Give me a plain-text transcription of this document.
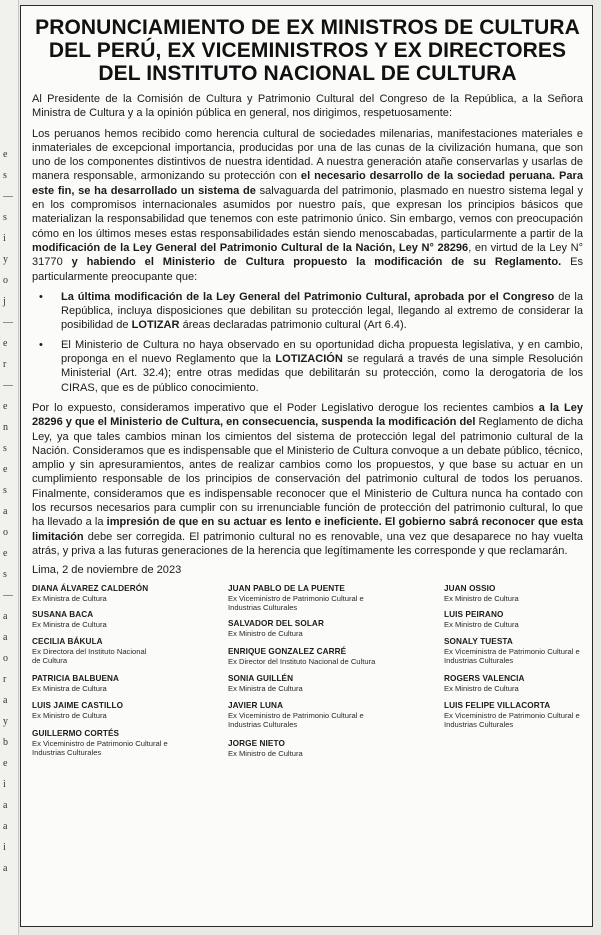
e
s
—
s
i
y
o
j
—
e
r
—
e
n
s
e
s
a
o
e
s
—
a
a
o
r
a
y
b
e
i
a
a
i
a
PRONUNCIAMIENTO DE EX MINISTROS DE CULTURA DEL PERÚ, EX VICEMINISTROS Y EX DIRECTORES DEL INSTITUTO NACIONAL DE CULTURA

Al Presidente de la Comisión de Cultura y Patrimonio Cultural del Congreso de la República, a la Señora Ministra de Cultura y a la opinión pública en general, nos dirigimos, respetuosamente:

Los peruanos hemos recibido como herencia cultural de sociedades milenarias, manifestaciones materiales e inmateriales de excepcional importancia, producidas por una de las cunas de la civilización humana, que son uno de los componentes distintivos de nuestra identidad. A nuestra generación atañe conservarlas y usarlas de manera responsable, armonizando su protección con el necesario desarrollo de la sociedad peruana. Para este fin, se ha desarrollado un sistema de salvaguarda del patrimonio, plasmado en nuestro sistema legal y en los compromisos internacionales asumidos por nuestro país, que expresan los principios básicos que materializan la responsabilidad que tenemos con este patrimonio único. Sin embargo, vemos con preocupación cómo en los últimos meses estas responsabilidades están siendo menoscabadas, particularmente a partir de la modificación de la Ley General del Patrimonio Cultural de la Nación, Ley N° 28296, en virtud de la Ley N° 31770 y habiendo el Ministerio de Cultura propuesto la modificación de su Reglamento. Es particularmente preocupante que:

• La última modificación de la Ley General del Patrimonio Cultural, aprobada por el Congreso de la República, incluya disposiciones que debilitan su protección legal, llegando al extremo de considerar la posibilidad de LOTIZAR áreas declaradas patrimonio cultural (Art 6.4).
• El Ministerio de Cultura no haya observado en su oportunidad dicha propuesta legislativa, y en cambio, proponga en el nuevo Reglamento que la LOTIZACIÓN se regulará a través de una simple Resolución Ministerial (Art. 32.4); entre otras medidas que debilitarán su protección, como la derogatoria de los CIRAS, que es de público conocimiento.

Por lo expuesto, consideramos imperativo que el Poder Legislativo derogue los recientes cambios a la Ley 28296 y que el Ministerio de Cultura, en consecuencia, suspenda la modificación del Reglamento de dicha Ley, ya que tales cambios minan los cimientos del sistema de protección legal del patrimonio cultural de la Nación. Consideramos que es indispensable que el Ministerio de Cultura convoque a un debate público, técnico, amplio y sin apresuramientos, antes de realizar cambios como los propuestos, y que base su actuar en un cumplimiento responsable de los principios de conservación del patrimonio cultural de todos los peruanos. Finalmente, consideramos que es indispensable reconocer que el Ministerio de Cultura nunca ha contado con los recursos necesarios para cumplir con su irrenunciable función de protección del patrimonio cultural, lo que ha llevado a la impresión de que en su actuar es lento e ineficiente. El gobierno sabrá reconocer que esta limitación debe ser corregida. El patrimonio cultural no es renovable, una vez que desaparece no hay vuelta atrás, y priva a las futuras generaciones de la herencia que legítimamente les corresponde y que reclamarán.

Lima, 2 de noviembre de 2023
DIANA ÁLVAREZ CALDERÓN
Ex Ministra de Cultura
SUSANA BACA
Ex Ministra de Cultura
CECILIA BÁKULA
Ex Directora del Instituto Nacional de Cultura
PATRICIA BALBUENA
Ex Ministra de Cultura
LUIS JAIME CASTILLO
Ex Ministro de Cultura
GUILLERMO CORTÉS
Ex Viceministro de Patrimonio Cultural e Industrias Culturales
JUAN PABLO DE LA PUENTE
Ex Viceministro de Patrimonio Cultural e Industrias Culturales
SALVADOR DEL SOLAR
Ex Ministro de Cultura
ENRIQUE GONZALEZ CARRÉ
Ex Director del Instituto Nacional de Cultura
SONIA GUILLÉN
Ex Ministra de Cultura
JAVIER LUNA
Ex Viceministro de Patrimonio Cultural e Industrias Culturales
JORGE NIETO
Ex Ministro de Cultura
JUAN OSSIO
Ex Ministro de Cultura
LUIS PEIRANO
Ex Ministro de Cultura
SONALY TUESTA
Ex Viceministra de Patrimonio Cultural e Industrias Culturales
ROGERS VALENCIA
Ex Ministro de Cultura
LUIS FELIPE VILLACORTA
Ex Viceministro de Patrimonio Cultural e Industrias Culturales
